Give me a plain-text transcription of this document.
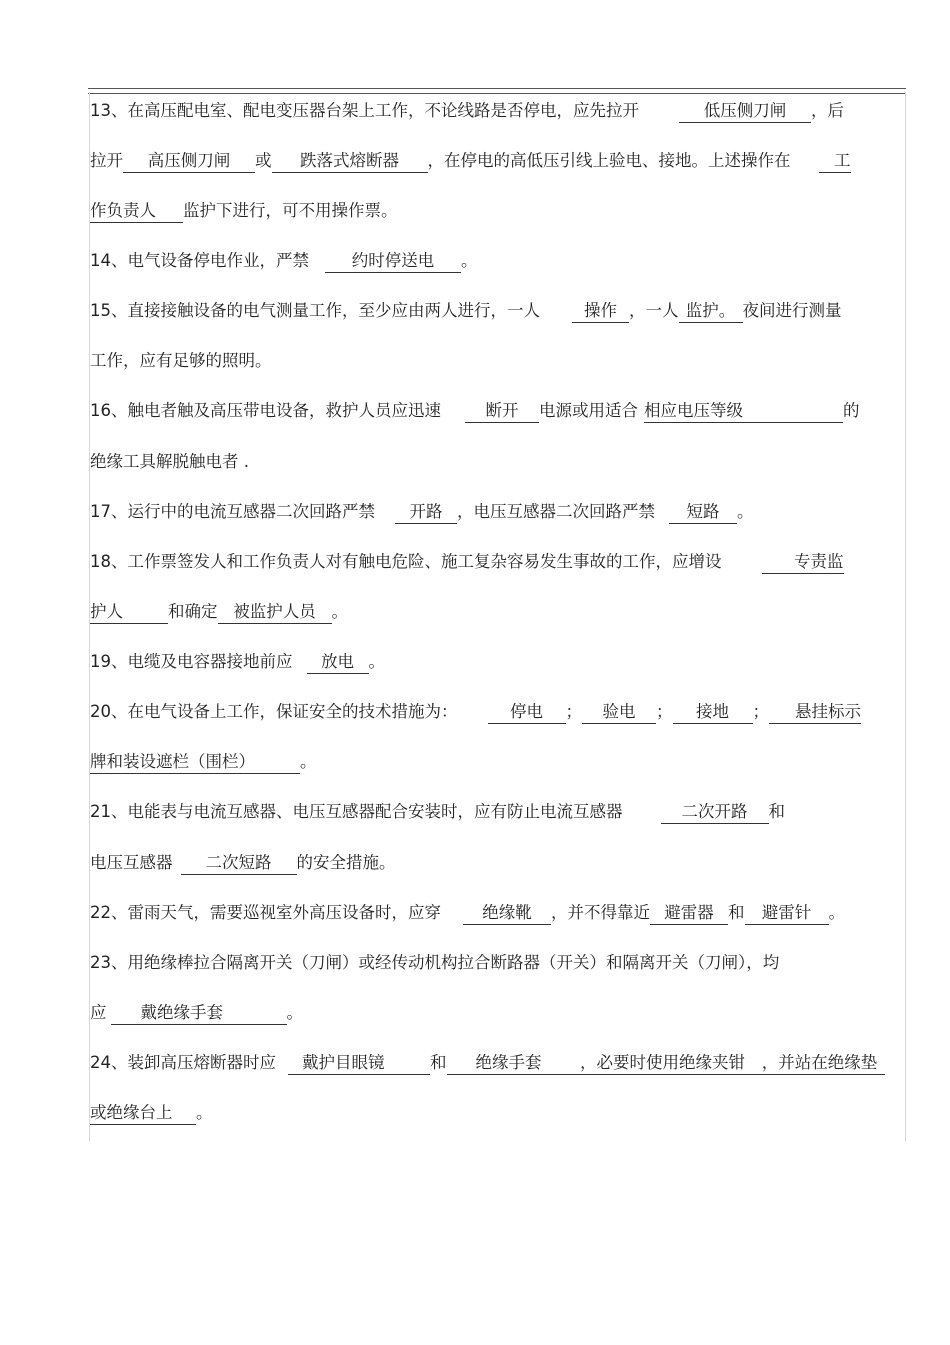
13、在高压配电室、配电变压器台架上工作，不论线路是否停电，应先拉开	低压侧刀闸 ，后
拉开 高压侧刀闸 或 跌落式熔断器 ，在停电的高低压引线上验电、接地。上述操作在	工
作负责人 监护下进行，可不用操作票。
14、电气设备停电作业，严禁	约时停送电 。
15、直接接触设备的电气测量工作，至少应由两人进行，一人	操作 ，一人 监护。 夜间进行测量
工作，应有足够的照明。
16、触电者触及高压带电设备，救护人员应迅速	断开 电源或用适合 相应电压等级	的
绝缘工具解脱触电者 .
17、运行中的电流互感器二次回路严禁 开路 ，电压互感器二次回路严禁 短路 。
18、工作票签发人和工作负责人对有触电危险、施工复杂容易发生事故的工作，应增设	专责监
护人	和确定 被监护人员 。
19、电缆及电容器接地前应 放电 。
20、在电气设备上工作，保证安全的技术措施为：	停电 ； 验电 ； 接地 ； 悬挂标示
牌和装设遮栏（围栏）	。
21、电能表与电流互感器、电压互感器配合安装时，应有防止电流互感器	二次开路 和
电压互感器 二次短路 的安全措施。
22、雷雨天气，需要巡视室外高压设备时，应穿	绝缘靴 ，并不得靠近 避雷器 和 避雷针 。
23、用绝缘棒拉合隔离开关（刀闸）或经传动机构拉合断路器（开关）和隔离开关（刀闸），均
应 戴绝缘手套	。
24、装卸高压熔断器时应 戴护目眼镜	和 绝缘手套 ，必要时使用绝缘夹钳 ，并站在绝缘垫
或绝缘台上 。
